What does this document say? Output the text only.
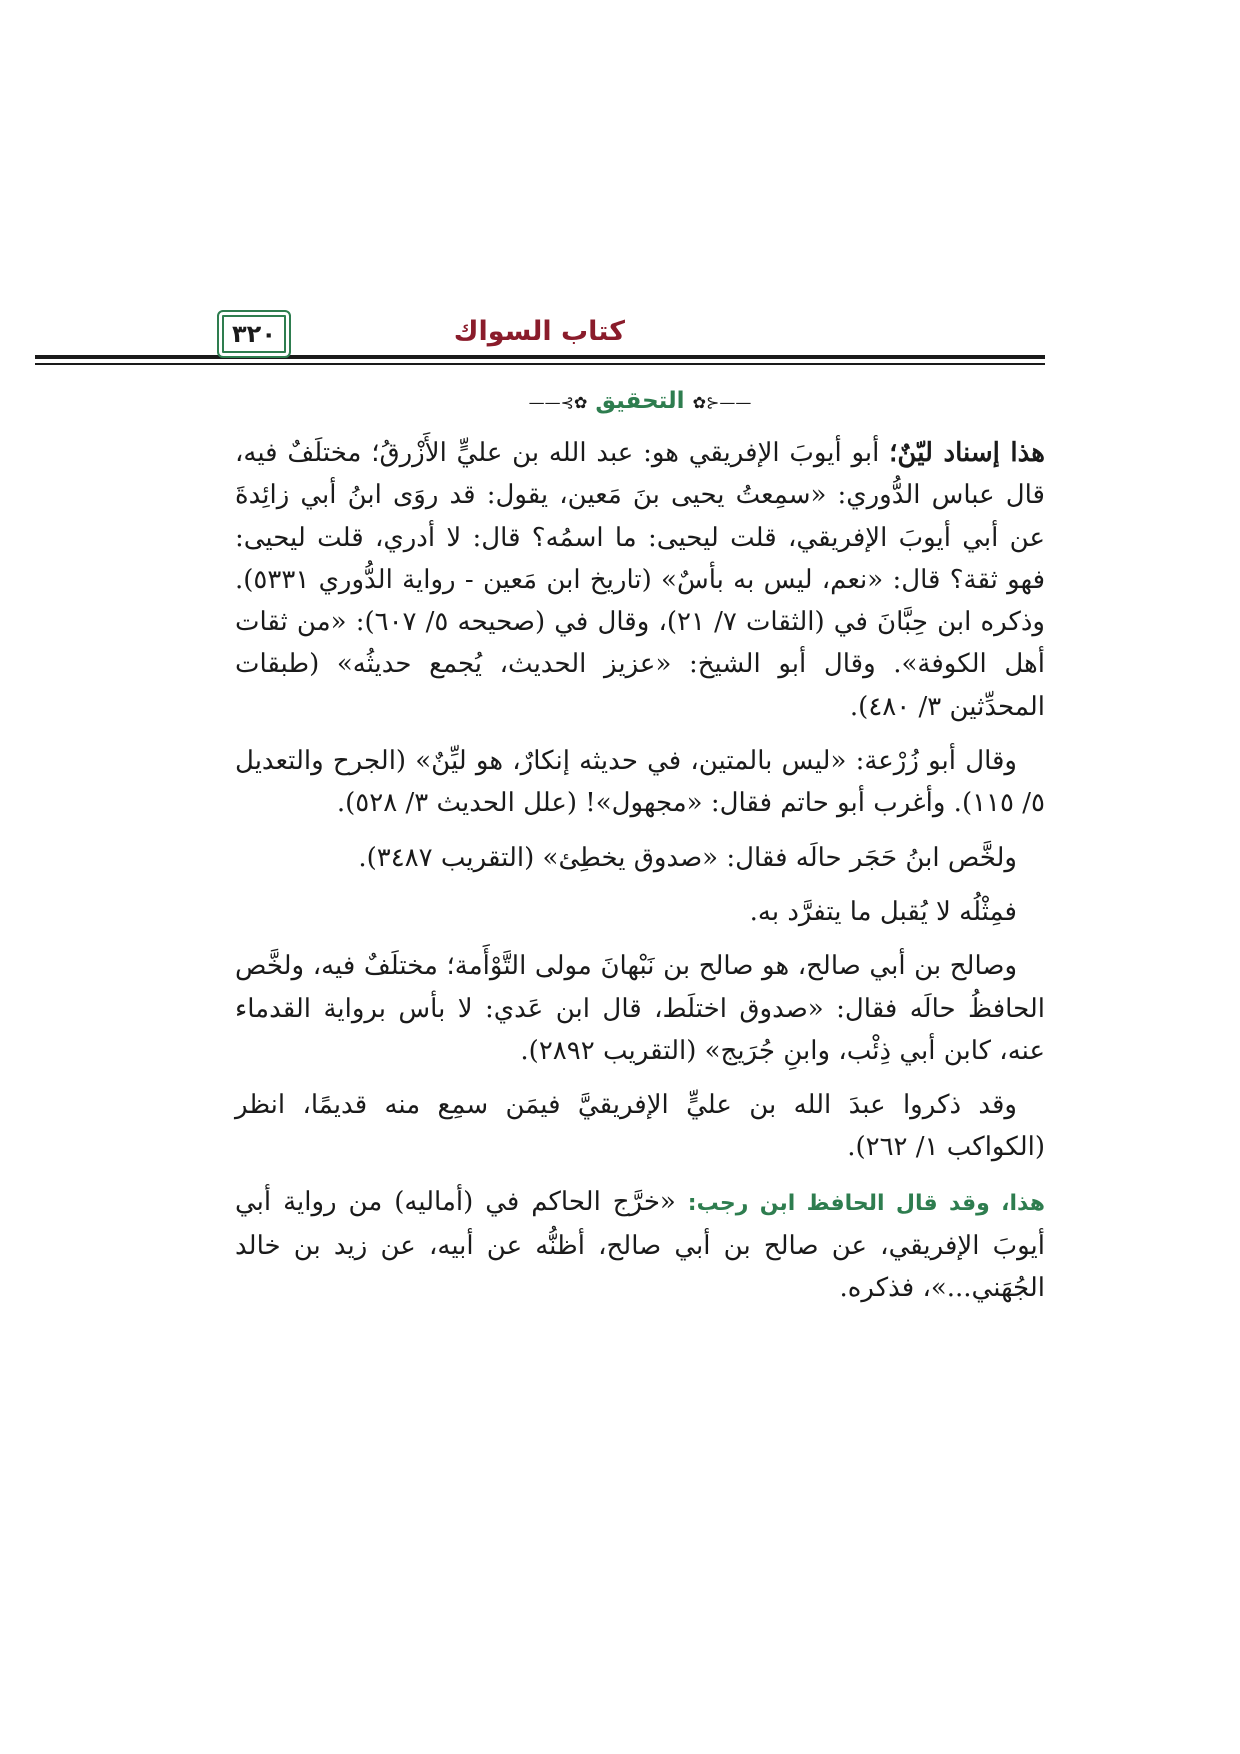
كتاب السواك
٣٢٠
——⊰✿ التحقيق ✿⊱——

هذا إسناد ليّنٌ؛ أبو أيوبَ الإفريقي هو: عبد الله بن عليٍّ الأَزْرقُ؛ مختلَفٌ فيه، قال عباس الدُّوري: «سمِعتُ يحيى بنَ مَعين، يقول: قد روَى ابنُ أبي زائِدةَ عن أبي أيوبَ الإفريقي، قلت ليحيى: ما اسمُه؟ قال: لا أدري، قلت ليحيى: فهو ثقة؟ قال: «نعم، ليس به بأسٌ» (تاريخ ابن مَعين - رواية الدُّوري ٥٣٣١). وذكره ابن حِبَّانَ في (الثقات ٧/ ٢١)، وقال في (صحيحه ٥/ ٦٠٧): «من ثقات أهل الكوفة». وقال أبو الشيخ: «عزيز الحديث، يُجمع حديثُه» (طبقات المحدِّثين ٣/ ٤٨٠).

وقال أبو زُرْعة: «ليس بالمتين، في حديثه إنكارٌ، هو ليِّنٌ» (الجرح والتعديل ٥/ ١١٥). وأغرب أبو حاتم فقال: «مجهول»! (علل الحديث ٣/ ٥٢٨).

ولخَّص ابنُ حَجَر حالَه فقال: «صدوق يخطِئ» (التقريب ٣٤٨٧).

فمِثْلُه لا يُقبل ما يتفرَّد به.

وصالح بن أبي صالح، هو صالح بن نَبْهانَ مولى التَّوْأَمة؛ مختلَفٌ فيه، ولخَّص الحافظُ حالَه فقال: «صدوق اختلَط، قال ابن عَدي: لا بأس برواية القدماء عنه، كابن أبي ذِئْب، وابنِ جُرَيج» (التقريب ٢٨٩٢).

وقد ذكروا عبدَ الله بن عليٍّ الإفريقيَّ فيمَن سمِع منه قديمًا، انظر (الكواكب ١/ ٢٦٢).

هذا، وقد قال الحافظ ابن رجب: «خرَّج الحاكم في (أماليه) من رواية أبي أيوبَ الإفريقي، عن صالح بن أبي صالح، أظنُّه عن أبيه، عن زيد بن خالد الجُهَني...»، فذكره.
